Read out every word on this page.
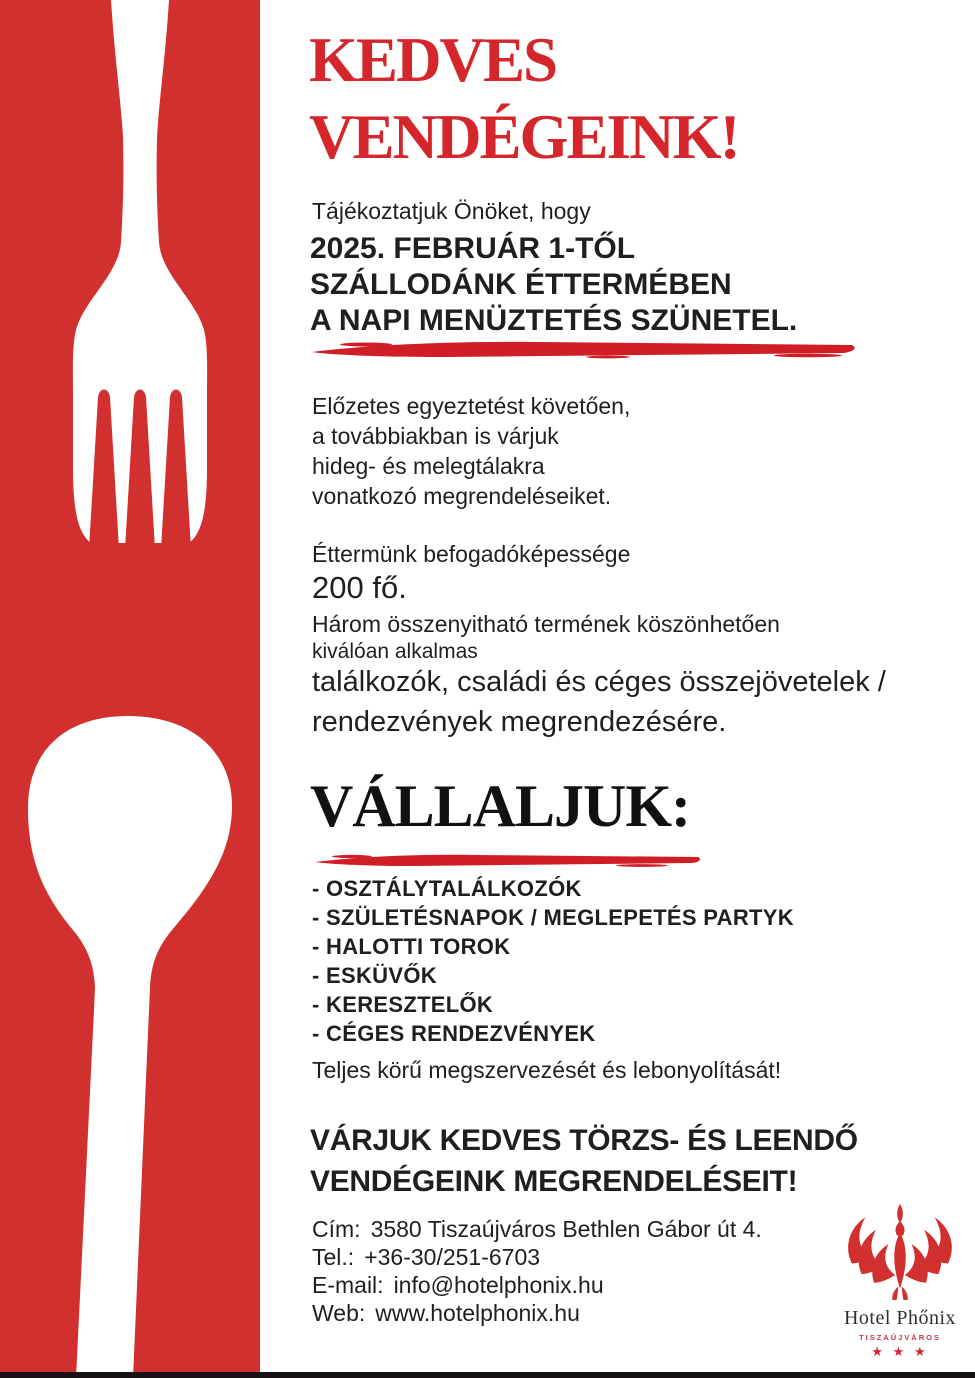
KEDVES
VENDÉGEINK!
Tájékoztatjuk Önöket, hogy
2025. FEBRUÁR 1-TŐL
SZÁLLODÁNK ÉTTERMÉBEN
A NAPI MENÜZTETÉS SZÜNETEL.
Előzetes egyeztetést követően,
a továbbiakban is várjuk
hideg- és melegtálakra
vonatkozó megrendeléseiket.
Éttermünk befogadóképessége
200 fő.
Három összenyitható termének köszönhetően
kiválóan alkalmas
találkozók, családi és céges összejövetelek /
rendezvények megrendezésére.
VÁLLALJUK:
- OSZTÁLYTALÁLKOZÓK
- SZÜLETÉSNAPOK / MEGLEPETÉS PARTYK
- HALOTTI TOROK
- ESKÜVŐK
- KERESZTELŐK
- CÉGES RENDEZVÉNYEK
Teljes körű megszervezését és lebonyolítását!
VÁRJUK KEDVES TÖRZS- ÉS LEENDŐ
VENDÉGEINK MEGRENDELÉSEIT!
Cím: 3580 Tiszaújváros Bethlen Gábor út 4.
Tel.: +36-30/251-6703
E-mail: info@hotelphonix.hu
Web: www.hotelphonix.hu	Hotel Phőnix
TISZAÚJVÁROS
★ ★ ★
